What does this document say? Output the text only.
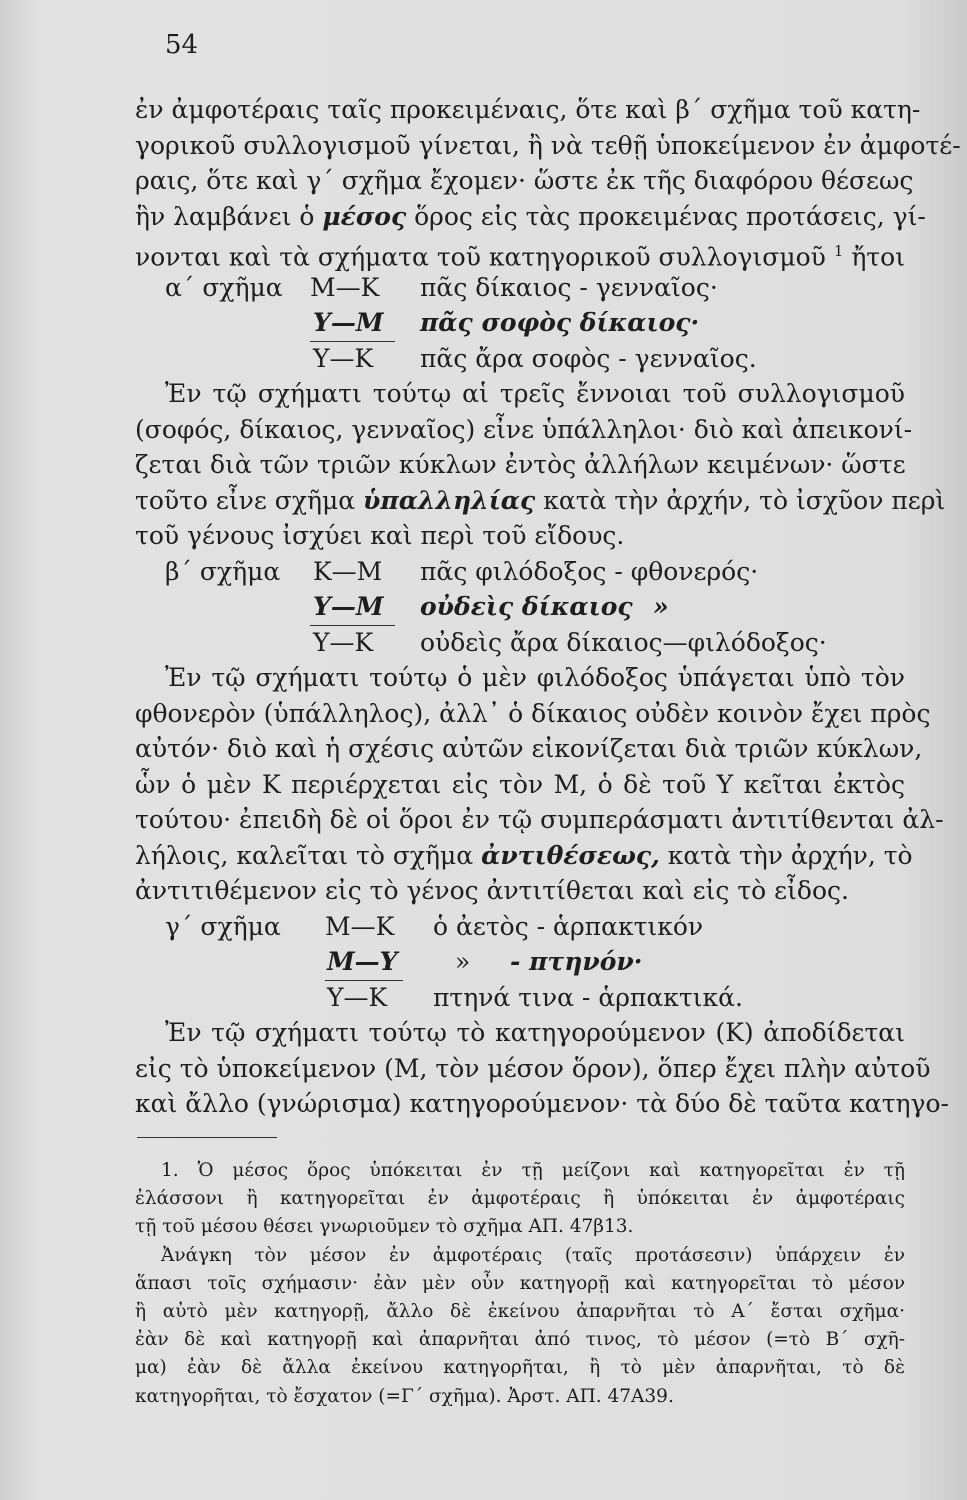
54
ἐν ἀμφοτέραις ταῖς προκειμέναις, ὅτε καὶ β΄ σχῆμα τοῦ κατη-
γορικοῦ συλλογισμοῦ γίνεται, ἢ νὰ τεθῇ ὑποκείμενον ἐν ἀμφοτέ-
ραις, ὅτε καὶ γ΄ σχῆμα ἔχομεν· ὥστε ἐκ τῆς διαφόρου θέσεως
ἣν λαμβάνει ὁ μέσος ὅρος εἰς τὰς προκειμένας προτάσεις, γί-
νονται καὶ τὰ σχήματα τοῦ κατηγορικοῦ συλλογισμοῦ $^1$ ἤτοι
α΄ σχῆμα Μ—Κ πᾶς δίκαιος - γενναῖος·
Υ—Μ πᾶς σοφὸς δίκαιος·
Υ—Κ πᾶς ἄρα σοφὸς - γενναῖος.
Ἐν τῷ σχήματι τούτῳ αἱ τρεῖς ἔννοιαι τοῦ συλλογισμοῦ
(σοφός, δίκαιος, γενναῖος) εἶνε ὑπάλληλοι· διὸ καὶ ἀπεικονί-
ζεται διὰ τῶν τριῶν κύκλων ἐντὸς ἀλλήλων κειμένων· ὥστε
τοῦτο εἶνε σχῆμα ὑπαλληλίας κατὰ τὴν ἀρχήν, τὸ ἰσχῦον περὶ
τοῦ γένους ἰσχύει καὶ περὶ τοῦ εἴδους.
β΄ σχῆμα Κ—Μ πᾶς φιλόδοξος - φθονερός·
Υ—Μ οὐδεὶς δίκαιος »
Υ—Κ οὐδεὶς ἄρα δίκαιος—φιλόδοξος·
Ἐν τῷ σχήματι τούτῳ ὁ μὲν φιλόδοξος ὑπάγεται ὑπὸ τὸν
φθονερὸν (ὑπάλληλος), ἀλλ᾽ ὁ δίκαιος οὐδὲν κοινὸν ἔχει πρὸς
αὐτόν· διὸ καὶ ἡ σχέσις αὐτῶν εἰκονίζεται διὰ τριῶν κύκλων,
ὧν ὁ μὲν Κ περιέρχεται εἰς τὸν Μ, ὁ δὲ τοῦ Υ κεῖται ἐκτὸς
τούτου· ἐπειδὴ δὲ οἱ ὅροι ἐν τῷ συμπεράσματι ἀντιτίθενται ἀλ-
λήλοις, καλεῖται τὸ σχῆμα ἀντιθέσεως, κατὰ τὴν ἀρχήν, τὸ
ἀντιτιθέμενον εἰς τὸ γένος ἀντιτίθεται καὶ εἰς τὸ εἶδος.
γ΄ σχῆμα Μ—Κ ὁ ἀετὸς - ἁρπακτικόν
Μ—Υ » - πτηνόν·
Υ—Κ πτηνά τινα - ἁρπακτικά.
Ἐν τῷ σχήματι τούτῳ τὸ κατηγορούμενον (Κ) ἀποδίδεται
εἰς τὸ ὑποκείμενον (Μ, τὸν μέσον ὅρον), ὅπερ ἔχει πλὴν αὐτοῦ
καὶ ἄλλο (γνώρισμα) κατηγορούμενον· τὰ δύο δὲ ταῦτα κατηγο-
1. Ὁ μέσος ὅρος ὑπόκειται ἐν τῇ μείζονι καὶ κατηγορεῖται ἐν τῇ
ἐλάσσονι ἢ κατηγορεῖται ἐν ἀμφοτέραις ἢ ὑπόκειται ἐν ἀμφοτέραις
τῇ τοῦ μέσου θέσει γνωριοῦμεν τὸ σχῆμα ΑΠ. 47β13.
Ἀνάγκη τὸν μέσον ἐν ἀμφοτέραις (ταῖς προτάσεσιν) ὑπάρχειν ἐν
ἅπασι τοῖς σχήμασιν· ἐὰν μὲν οὖν κατηγορῇ καὶ κατηγορεῖται τὸ μέσον
ἢ αὐτὸ μὲν κατηγορῇ, ἄλλο δὲ ἐκείνου ἀπαρνῆται τὸ Α΄ ἔσται σχῆμα·
ἐὰν δὲ καὶ κατηγορῇ καὶ ἀπαρνῆται ἀπό τινος, τὸ μέσον (=τὸ Β΄ σχῆ-
μα) ἐὰν δὲ ἄλλα ἐκείνου κατηγορῆται, ἢ τὸ μὲν ἀπαρνῆται, τὸ δὲ
κατηγορῆται, τὸ ἔσχατον (=Γ΄ σχῆμα). Ἀρστ. ΑΠ. 47Α39.
